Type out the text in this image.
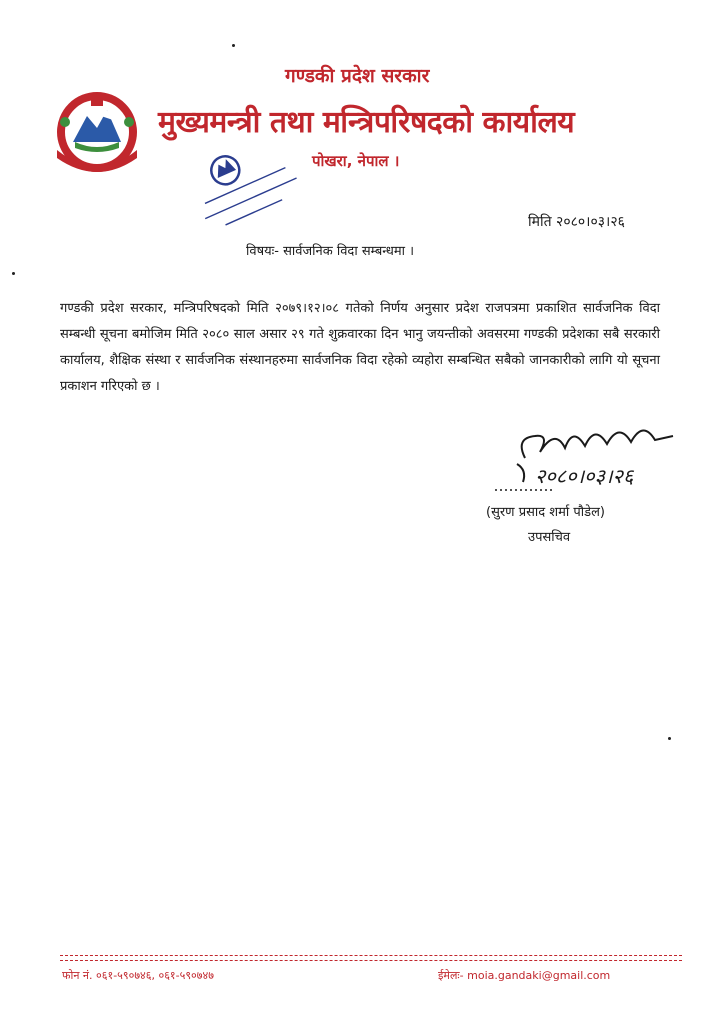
गण्डकी प्रदेश सरकार
मुख्यमन्त्री तथा मन्त्रिपरिषदको कार्यालय
पोखरा, नेपाल ।
मिति २०८०।०३।२६
विषयः- सार्वजनिक विदा सम्बन्धमा ।

गण्डकी प्रदेश सरकार, मन्त्रिपरिषदको मिति २०७९।१२।०८ गतेको निर्णय अनुसार प्रदेश राजपत्रमा प्रकाशित सार्वजनिक विदा सम्बन्धी सूचना बमोजिम मिति २०८० साल असार २९ गते शुक्रवारका दिन भानु जयन्तीको अवसरमा गण्डकी प्रदेशका सबै सरकारी कार्यालय, शैक्षिक संस्था र सार्वजनिक संस्थानहरुमा सार्वजनिक विदा रहेको व्यहोरा सम्बन्धित सबैको जानकारीको लागि यो सूचना प्रकाशन गरिएको छ ।

२०८०।०३।२६
(सुरण प्रसाद शर्मा पौडेल)
उपसचिव
फोन नं. ०६१-५९०७४६, ०६१-५९०७४७	ईमेलः- moia.gandaki@gmail.com
